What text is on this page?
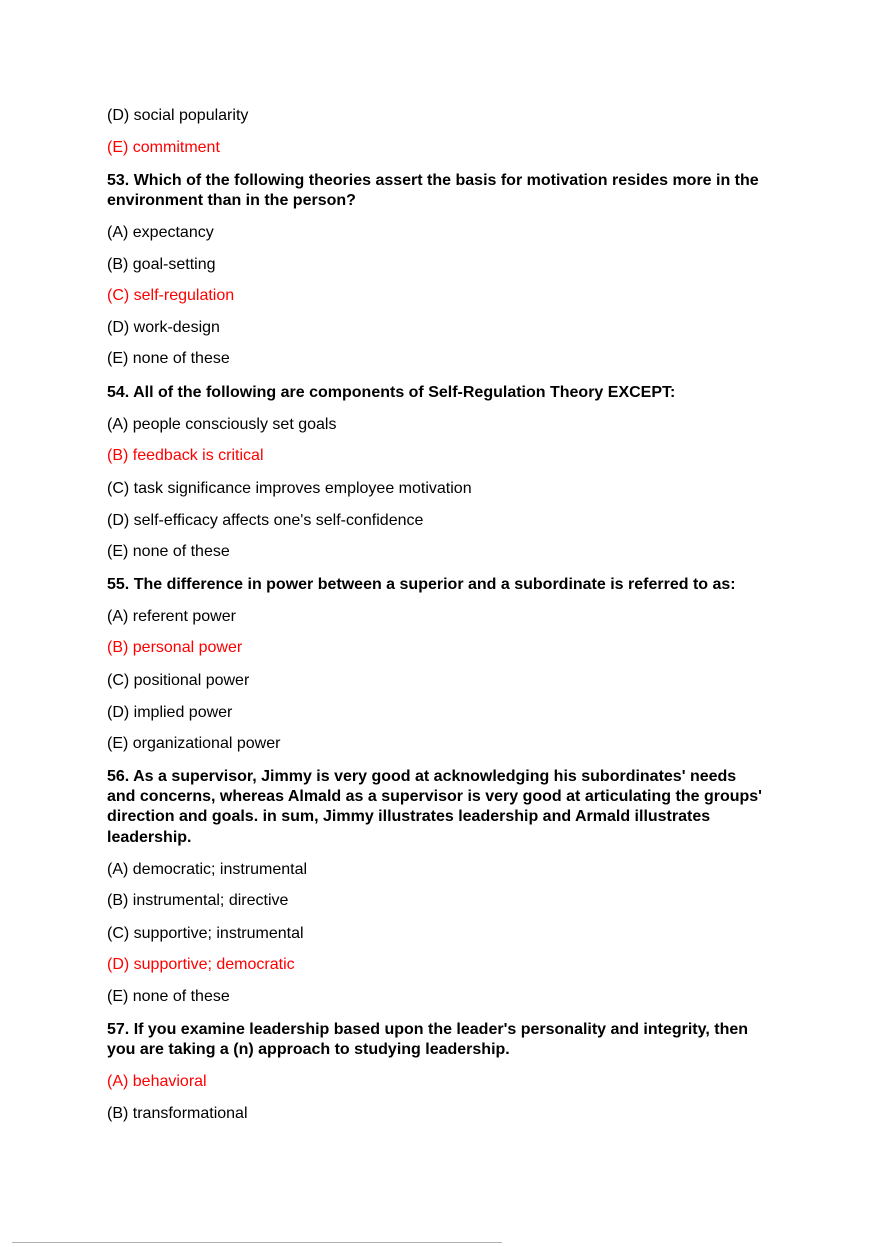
(D) social popularity
(E) commitment
53. Which of the following theories assert the basis for motivation resides more in the
environment than in the person?
(A) expectancy
(B) goal-setting
(C) self-regulation
(D) work-design
(E) none of these
54. All of the following are components of Self-Regulation Theory EXCEPT:
(A) people consciously set goals
(B) feedback is critical
(C) task significance improves employee motivation
(D) self-efficacy affects one's self-confidence
(E) none of these
55. The difference in power between a superior and a subordinate is referred to as:
(A) referent power
(B) personal power
(C) positional power
(D) implied power
(E) organizational power
56. As a supervisor, Jimmy is very good at acknowledging his subordinates' needs
and concerns, whereas Almald as a supervisor is very good at articulating the groups'
direction and goals. in sum, Jimmy illustrates leadership and Armald illustrates
leadership.
(A) democratic; instrumental
(B) instrumental; directive
(C) supportive; instrumental
(D) supportive; democratic
(E) none of these
57. If you examine leadership based upon the leader's personality and integrity, then
you are taking a (n) approach to studying leadership.
(A) behavioral
(B) transformational
